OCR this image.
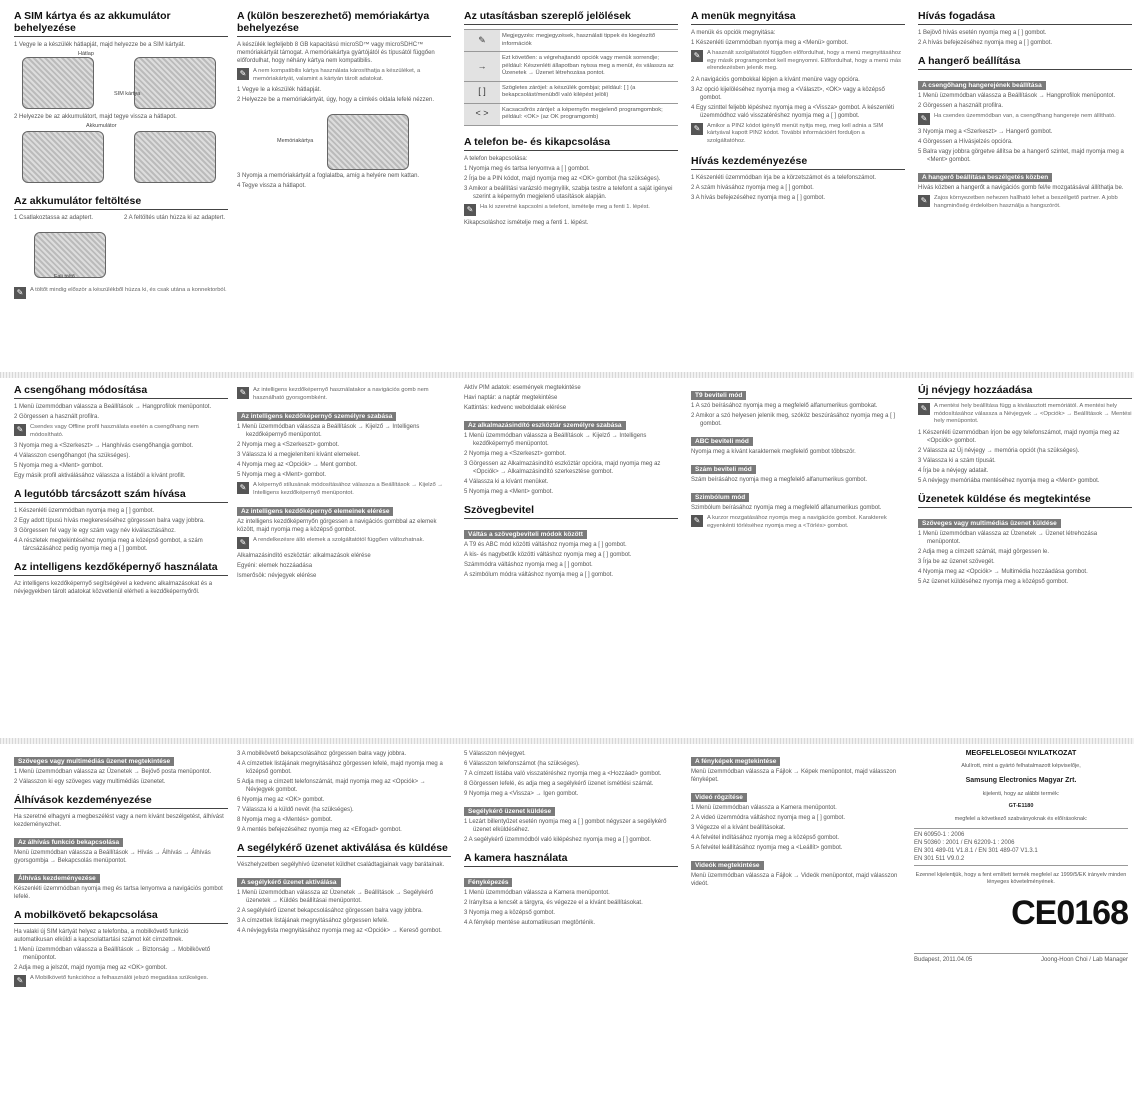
A SIM kártya és az akkumulátor behelyezése

1 Vegye le a készülék hátlapját, majd helyezze be a SIM kártyát.

Hátlap
SIM kártya

2 Helyezze be az akkumulátort, majd tegye vissza a hátlapot.

Akkumulátor
Az akkumulátor feltöltése

1 Csatlakoztassa az adaptert.	2 A feltöltés után húzza ki az adaptert.

Fali töltő
✎	A töltőt mindig először a készülékből húzza ki, és csak utána a konnektorból.
A (külön beszerezhető) memóriakártya behelyezése

A készülék legfeljebb 8 GB kapacitású microSD™ vagy microSDHC™ memóriakártyát támogat. A memóriakártya gyártójától és típusától függően előfordulhat, hogy néhány kártya nem kompatibilis.

✎	A nem kompatibilis kártya használata károsíthatja a készüléket, a memóriakártyát, valamint a kártyán tárolt adatokat.

1 Vegye le a készülék hátlapját.

2 Helyezze be a memóriakártyát, úgy, hogy a címkés oldala lefelé nézzen.

Memóriakártya

3 Nyomja a memóriakártyát a foglalatba, amíg a helyére nem kattan.

4 Tegye vissza a hátlapot.

Az utasításban szereplő jelölések
✎	Megjegyzés: megjegyzések, használati tippek és kiegészítő információk
→	Ezt követően: a végrehajtandó opciók vagy menük sorrendje; például: Készenléti állapotban nyissa meg a menüt, és válassza az Üzenetek → Üzenet létrehozása pontot.
[ ]	Szögletes zárójel: a készülék gombjai; például: [ ] (a bekapcsolást/menüből való kilépést jelöli)
< >	Kacsacsőrös zárójel: a képernyőn megjelenő programgombok; például: <OK> (az OK programgomb)
A telefon be- és kikapcsolása

A telefon bekapcsolása:

1 Nyomja meg és tartsa lenyomva a [ ] gombot.

2 Írja be a PIN kódot, majd nyomja meg az <OK> gombot (ha szükséges).

3 Amikor a beállítási varázsló megnyílik, szabja testre a telefont a saját igényei szerint a képernyőn megjelenő utasítások alapján.

✎	Ha ki szeretné kapcsolni a telefont, ismételje meg a fenti 1. lépést.

Kikapcsoláshoz ismételje meg a fenti 1. lépést.

A menük megnyitása

A menük és opciók megnyitása:

1 Készenléti üzemmódban nyomja meg a <Menü> gombot.

✎	A használt szolgáltatótól függően előfordulhat, hogy a menü megnyitásához egy másik programgombot kell megnyomni. Előfordulhat, hogy a menü más elrendezésben jelenik meg.

2 A navigációs gombokkal lépjen a kívánt menüre vagy opcióra.

3 Az opció kijelöléséhez nyomja meg a <Választ>, <OK> vagy a középső gombot.

4 Egy szinttel feljebb lépéshez nyomja meg a <Vissza> gombot. A készenléti üzemmódhoz való visszatéréshez nyomja meg a [ ] gombot.

✎	Amikor a PIN2 kódot igénylő menüt nyitja meg, meg kell adnia a SIM kártyával kapott PIN2 kódot. További információért forduljon a szolgáltatóhoz.
Hívás kezdeményezése

1 Készenléti üzemmódban írja be a körzetszámot és a telefonszámot.

2 A szám hívásához nyomja meg a [ ] gombot.

3 A hívás befejezéséhez nyomja meg a [ ] gombot.

Hívás fogadása

1 Bejövő hívás esetén nyomja meg a [ ] gombot.

2 A hívás befejezéséhez nyomja meg a [ ] gombot.

A hangerő beállítása
A csengőhang hangerejének beállítása

1 Menü üzemmódban válassza a Beállítások → Hangprofilok menüpontot.

2 Görgessen a használt profilra.

✎	Ha csendes üzemmódban van, a csengőhang hangereje nem állítható.

3 Nyomja meg a <Szerkeszt> → Hangerő gombot.

4 Görgessen a Hívásjelzés opcióra.

5 Balra vagy jobbra görgetve állítsa be a hangerő szintet, majd nyomja meg a <Ment> gombot.

A hangerő beállítása beszélgetés közben

Hívás közben a hangerőt a navigációs gomb fel/le mozgatásával állíthatja be.

✎	Zajos környezetben nehezen hallható lehet a beszélgető partner. A jobb hangminőség érdekében használja a hangszórót.
A csengőhang módosítása

1 Menü üzemmódban válassza a Beállítások → Hangprofilok menüpontot.

2 Görgessen a használt profilra.

✎	Csendes vagy Offline profil használata esetén a csengőhang nem módosítható.

3 Nyomja meg a <Szerkeszt> → Hanghívás csengőhangja gombot.

4 Válasszon csengőhangot (ha szükséges).

5 Nyomja meg a <Ment> gombot.

Egy másik profil aktiválásához válassza a listából a kívánt profilt.

A legutóbb tárcsázott szám hívása

1 Készenléti üzemmódban nyomja meg a [ ] gombot.

2 Egy adott típusú hívás megkereséséhez görgessen balra vagy jobbra.

3 Görgessen fel vagy le egy szám vagy név kiválasztásához.

4 A részletek megtekintéséhez nyomja meg a középső gombot, a szám tárcsázásához pedig nyomja meg a [ ] gombot.

Az intelligens kezdőképernyő használata

Az intelligens kezdőképernyő segítségével a kedvenc alkalmazásokat és a névjegyekben tárolt adatokat közvetlenül elérheti a kezdőképernyőről.

✎	Az intelligens kezdőképernyő használatakor a navigációs gomb nem használható gyorsgombként.
Az intelligens kezdőképernyő személyre szabása

1 Menü üzemmódban válassza a Beállítások → Kijelző → Intelligens kezdőképernyő menüpontot.

2 Nyomja meg a <Szerkeszt> gombot.

3 Válassza ki a megjeleníteni kívánt elemeket.

4 Nyomja meg az <Opciók> → Ment gombot.

5 Nyomja meg a <Ment> gombot.

✎	A képernyő stílusának módosításához válassza a Beállítások → Kijelző → Intelligens kezdőképernyő menüpontot.
Az intelligens kezdőképernyő elemeinek elérése

Az intelligens kezdőképernyőn görgessen a navigációs gombbal az elemek között, majd nyomja meg a középső gombot.

✎	A rendelkezésre álló elemek a szolgáltatótól függően változhatnak.

Alkalmazásindító eszköztár: alkalmazások elérése

Egyéni: elemek hozzáadása

Ismerősök: névjegyek elérése

Aktív PIM adatok: események megtekintése

Havi naptár: a naptár megtekintése

Kattintás: kedvenc weboldalak elérése

Az alkalmazásindító eszköztár személyre szabása

1 Menü üzemmódban válassza a Beállítások → Kijelző → Intelligens kezdőképernyő menüpontot.

2 Nyomja meg a <Szerkeszt> gombot.

3 Görgessen az Alkalmazásindító eszköztár opcióra, majd nyomja meg az <Opciók> → Alkalmazásindító szerkesztése gombot.

4 Válassza ki a kívánt menüket.

5 Nyomja meg a <Ment> gombot.

Szövegbevitel
Váltás a szövegbeviteli módok között

A T9 és ABC mód közötti váltáshoz nyomja meg a [ ] gombot.

A kis- és nagybetűk közötti váltáshoz nyomja meg a [ ] gombot.

Számmódra váltáshoz nyomja meg a [ ] gombot.

A szimbólum módra váltáshoz nyomja meg a [ ] gombot.

T9 beviteli mód

1 A szó beírásához nyomja meg a megfelelő alfanumerikus gombokat.

2 Amikor a szó helyesen jelenik meg, szóköz beszúrásához nyomja meg a [ ] gombot.

ABC beviteli mód

Nyomja meg a kívánt karakternek megfelelő gombot többször.

Szám beviteli mód

Szám beírásához nyomja meg a megfelelő alfanumerikus gombot.

Szimbólum mód

Szimbólum beírásához nyomja meg a megfelelő alfanumerikus gombot.

✎	A kurzor mozgatásához nyomja meg a navigációs gombot. Karakterek egyenkénti törléséhez nyomja meg a <Törlés> gombot.
Új névjegy hozzáadása
✎	A mentési hely beállítása függ a kiválasztott memóriától. A mentési hely módosításához válassza a Névjegyek → <Opciók> → Beállítások → Mentési hely menüpontot.

1 Készenléti üzemmódban írjon be egy telefonszámot, majd nyomja meg az <Opciók> gombot.

2 Válassza az Új névjegy → memória opciót (ha szükséges).

3 Válassza ki a szám típusát.

4 Írja be a névjegy adatait.

5 A névjegy memóriába mentéséhez nyomja meg a <Ment> gombot.

Üzenetek küldése és megtekintése
Szöveges vagy multimédiás üzenet küldése

1 Menü üzemmódban válassza az Üzenetek → Üzenet létrehozása menüpontot.

2 Adja meg a címzett számát, majd görgessen le.

3 Írja be az üzenet szövegét.

4 Nyomja meg az <Opciók> → Multimédia hozzáadása gombot.

5 Az üzenet küldéséhez nyomja meg a középső gombot.

Szöveges vagy multimédiás üzenet megtekintése

1 Menü üzemmódban válassza az Üzenetek → Bejövő posta menüpontot.

2 Válasszon ki egy szöveges vagy multimédiás üzenetet.

Álhívások kezdeményezése

Ha szeretné elhagyni a megbeszélést vagy a nem kívánt beszélgetést, álhívást kezdeményezhet.

Az álhívás funkció bekapcsolása

Menü üzemmódban válassza a Beállítások → Hívás → Álhívás → Álhívás gyorsgombja → Bekapcsolás menüpontot.

Álhívás kezdeményezése

Készenléti üzemmódban nyomja meg és tartsa lenyomva a navigációs gombot lefelé.

A mobilkövető bekapcsolása

Ha valaki új SIM kártyát helyez a telefonba, a mobilkövető funkció automatikusan elküldi a kapcsolattartási számot két címzettnek.

1 Menü üzemmódban válassza a Beállítások → Biztonság → Mobilkövető menüpontot.

2 Adja meg a jelszót, majd nyomja meg az <OK> gombot.

✎	A Mobilkövető funkcióhoz a felhasználói jelszó megadása szükséges.

3 A mobilkövető bekapcsolásához görgessen balra vagy jobbra.

4 A címzettek listájának megnyitásához görgessen lefelé, majd nyomja meg a középső gombot.

5 Adja meg a címzett telefonszámát, majd nyomja meg az <Opciók> → Névjegyek gombot.

6 Nyomja meg az <OK> gombot.

7 Válassza ki a küldő nevét (ha szükséges).

8 Nyomja meg a <Mentés> gombot.

9 A mentés befejezéséhez nyomja meg az <Elfogad> gombot.

A segélykérő üzenet aktiválása és küldése

Vészhelyzetben segélyhívó üzenetet küldhet családtagjainak vagy barátainak.

A segélykérő üzenet aktiválása

1 Menü üzemmódban válassza az Üzenetek → Beállítások → Segélykérő üzenetek → Küldés beállításai menüpontot.

2 A segélykérő üzenet bekapcsolásához görgessen balra vagy jobbra.

3 A címzettek listájának megnyitásához görgessen lefelé.

4 A névjegylista megnyitásához nyomja meg az <Opciók> → Kereső gombot.

5 Válasszon névjegyet.

6 Válasszon telefonszámot (ha szükséges).

7 A címzett listába való visszatéréshez nyomja meg a <Hozzáad> gombot.

8 Görgessen lefelé, és adja meg a segélykérő üzenet ismétlési számát.

9 Nyomja meg a <Vissza> → Igen gombot.

Segélykérő üzenet küldése

1 Lezárt billentyűzet esetén nyomja meg a [ ] gombot négyszer a segélykérő üzenet elküldéséhez.

2 A segélykérő üzemmódból való kilépéshez nyomja meg a [ ] gombot.

A kamera használata
Fényképezés

1 Menü üzemmódban válassza a Kamera menüpontot.

2 Irányítsa a lencsét a tárgyra, és végezze el a kívánt beállításokat.

3 Nyomja meg a középső gombot.

4 A fénykép mentése automatikusan megtörténik.

A fényképek megtekintése

Menü üzemmódban válassza a Fájlok → Képek menüpontot, majd válasszon fényképet.

Videó rögzítése

1 Menü üzemmódban válassza a Kamera menüpontot.

2 A videó üzemmódra váltáshoz nyomja meg a [ ] gombot.

3 Végezze el a kívánt beállításokat.

4 A felvétel indításához nyomja meg a középső gombot.

5 A felvétel leállításához nyomja meg a <Leállít> gombot.

Videók megtekintése

Menü üzemmódban válassza a Fájlok → Videók menüpontot, majd válasszon videót.

MEGFELELŐSÉGI NYILATKOZAT

Alulírott, mint a gyártó felhatalmazott képviselője,

Samsung Electronics Magyar Zrt.

kijelenti, hogy az alábbi termék:

GT-E1180

megfelel a következő szabványoknak és előírásoknak:

EN 60950-1 : 2006

EN 50360 : 2001 / EN 62209-1 : 2006

EN 301 489-01 V1.8.1 / EN 301 489-07 V1.3.1

EN 301 511 V9.0.2

Ezennel kijelentjük, hogy a fent említett termék megfelel az 1999/5/EK irányelv minden lényeges követelményének.

CE0168
Budapest, 2011.04.05	Joong-Hoon Choi / Lab Manager
